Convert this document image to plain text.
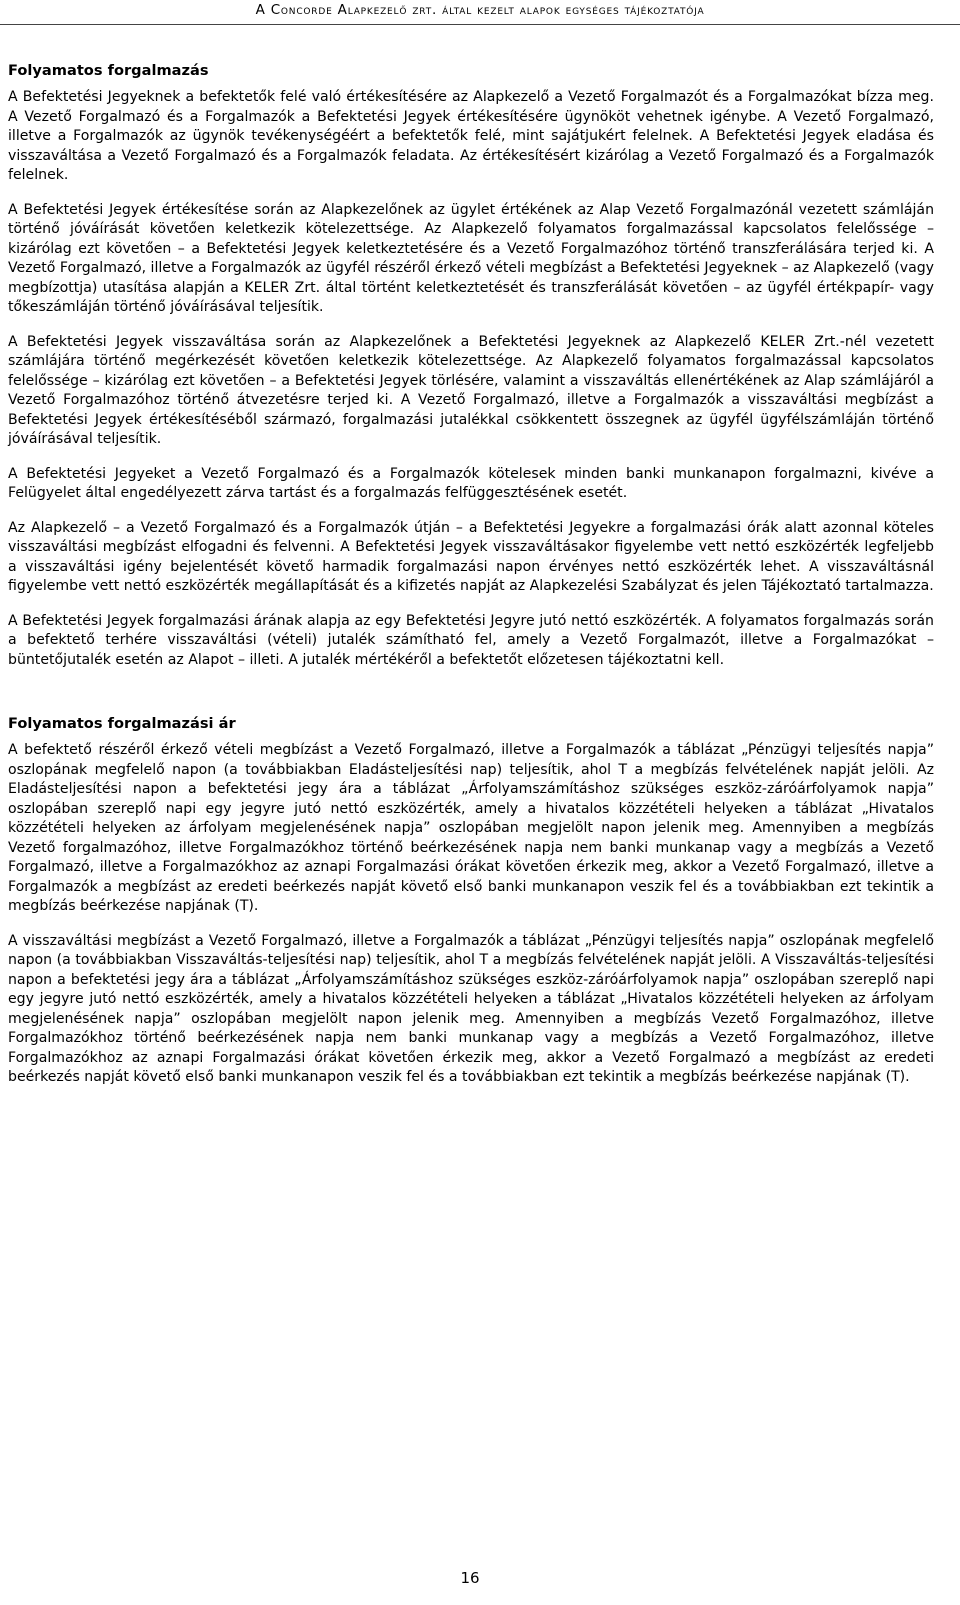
A Concorde Alapkezelő zrt. által kezelt alapok egységes tájékoztatója
Folyamatos forgalmazás

A Befektetési Jegyeknek a befektetők felé való értékesítésére az Alapkezelő a Vezető Forgalmazót és a Forgalmazókat bízza meg. A Vezető Forgalmazó és a Forgalmazók a Befektetési Jegyek értékesítésére ügynököt vehetnek igénybe. A Vezető Forgalmazó, illetve a Forgalmazók az ügynök tevékenységéért a befektetők felé, mint sajátjukért felelnek. A Befektetési Jegyek eladása és visszaváltása a Vezető Forgalmazó és a Forgalmazók feladata. Az értékesítésért kizárólag a Vezető Forgalmazó és a Forgalmazók felelnek.

A Befektetési Jegyek értékesítése során az Alapkezelőnek az ügylet értékének az Alap Vezető Forgalmazónál vezetett számláján történő jóváírását követően keletkezik kötelezettsége. Az Alapkezelő folyamatos forgalmazással kapcsolatos felelőssége – kizárólag ezt követően – a Befektetési Jegyek keletkeztetésére és a Vezető Forgalmazóhoz történő transzferálására terjed ki. A Vezető Forgalmazó, illetve a Forgalmazók az ügyfél részéről érkező vételi megbízást a Befektetési Jegyeknek – az Alapkezelő (vagy megbízottja) utasítása alapján a KELER Zrt. által történt keletkeztetését és transzferálását követően – az ügyfél értékpapír- vagy tőkeszámláján történő jóváírásával teljesítik.

A Befektetési Jegyek visszaváltása során az Alapkezelőnek a Befektetési Jegyeknek az Alapkezelő KELER Zrt.-nél vezetett számlájára történő megérkezését követően keletkezik kötelezettsége. Az Alapkezelő folyamatos forgalmazással kapcsolatos felelőssége – kizárólag ezt követően – a Befektetési Jegyek törlésére, valamint a visszaváltás ellenértékének az Alap számlájáról a Vezető Forgalmazóhoz történő átvezetésre terjed ki. A Vezető Forgalmazó, illetve a Forgalmazók a visszaváltási megbízást a Befektetési Jegyek értékesítéséből származó, forgalmazási jutalékkal csökkentett összegnek az ügyfél ügyfélszámláján történő jóváírásával teljesítik.

A Befektetési Jegyeket a Vezető Forgalmazó és a Forgalmazók kötelesek minden banki munkanapon forgalmazni, kivéve a Felügyelet által engedélyezett zárva tartást és a forgalmazás felfüggesztésének esetét.

Az Alapkezelő – a Vezető Forgalmazó és a Forgalmazók útján – a Befektetési Jegyekre a forgalmazási órák alatt azonnal köteles visszaváltási megbízást elfogadni és felvenni. A Befektetési Jegyek visszaváltásakor figyelembe vett nettó eszközérték legfeljebb a visszaváltási igény bejelentését követő harmadik forgalmazási napon érvényes nettó eszközérték lehet. A visszaváltásnál figyelembe vett nettó eszközérték megállapítását és a kifizetés napját az Alapkezelési Szabályzat és jelen Tájékoztató tartalmazza.

A Befektetési Jegyek forgalmazási árának alapja az egy Befektetési Jegyre jutó nettó eszközérték. A folyamatos forgalmazás során a befektető terhére visszaváltási (vételi) jutalék számítható fel, amely a Vezető Forgalmazót, illetve a Forgalmazókat – büntetőjutalék esetén az Alapot – illeti. A jutalék mértékéről a befektetőt előzetesen tájékoztatni kell.

Folyamatos forgalmazási ár

A befektető részéről érkező vételi megbízást a Vezető Forgalmazó, illetve a Forgalmazók a táblázat „Pénzügyi teljesítés napja” oszlopának megfelelő napon (a továbbiakban Eladásteljesítési nap) teljesítik, ahol T a megbízás felvételének napját jelöli. Az Eladásteljesítési napon a befektetési jegy ára a táblázat „Árfolyamszámításhoz szükséges eszköz-záróárfolyamok napja” oszlopában szereplő napi egy jegyre jutó nettó eszközérték, amely a hivatalos közzétételi helyeken a táblázat „Hivatalos közzétételi helyeken az árfolyam megjelenésének napja” oszlopában megjelölt napon jelenik meg. Amennyiben a megbízás Vezető forgalmazóhoz, illetve Forgalmazókhoz történő beérkezésének napja nem banki munkanap vagy a megbízás a Vezető Forgalmazó, illetve a Forgalmazókhoz az aznapi Forgalmazási órákat követően érkezik meg, akkor a Vezető Forgalmazó, illetve a Forgalmazók a megbízást az eredeti beérkezés napját követő első banki munkanapon veszik fel és a továbbiakban ezt tekintik a megbízás beérkezése napjának (T).

A visszaváltási megbízást a Vezető Forgalmazó, illetve a Forgalmazók a táblázat „Pénzügyi teljesítés napja” oszlopának megfelelő napon (a továbbiakban Visszaváltás-teljesítési nap) teljesítik, ahol T a megbízás felvételének napját jelöli. A Visszaváltás-teljesítési napon a befektetési jegy ára a táblázat „Árfolyamszámításhoz szükséges eszköz-záróárfolyamok napja” oszlopában szereplő napi egy jegyre jutó nettó eszközérték, amely a hivatalos közzétételi helyeken a táblázat „Hivatalos közzétételi helyeken az árfolyam megjelenésének napja” oszlopában megjelölt napon jelenik meg. Amennyiben a megbízás Vezető Forgalmazóhoz, illetve Forgalmazókhoz történő beérkezésének napja nem banki munkanap vagy a megbízás a Vezető Forgalmazóhoz, illetve Forgalmazókhoz az aznapi Forgalmazási órákat követően érkezik meg, akkor a Vezető Forgalmazó a megbízást az eredeti beérkezés napját követő első banki munkanapon veszik fel és a továbbiakban ezt tekintik a megbízás beérkezése napjának (T).

16
